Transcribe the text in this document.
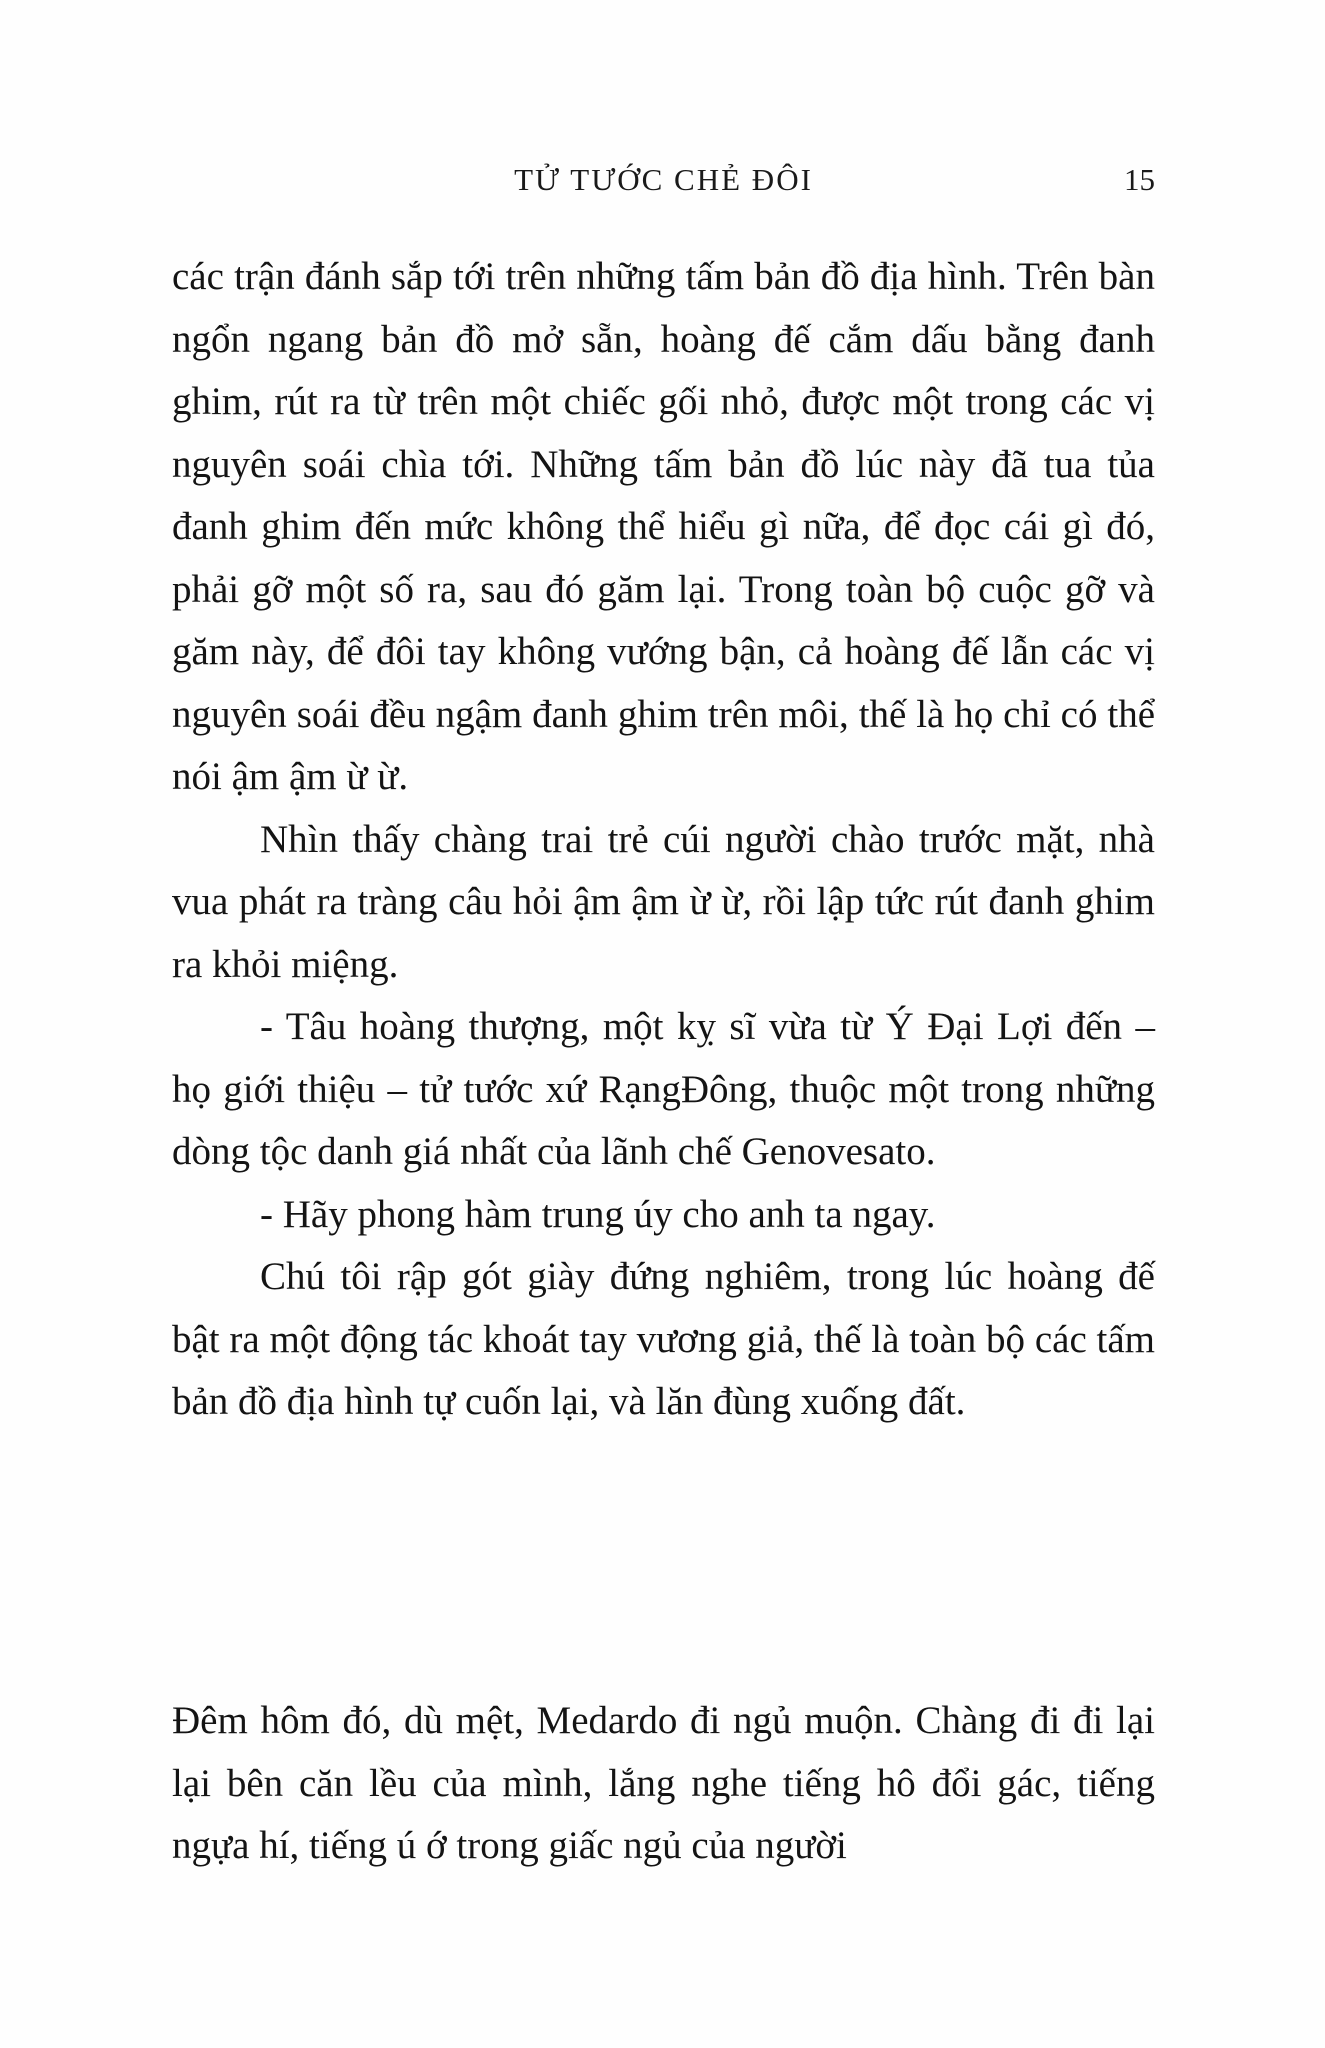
TỬ TƯỚC CHẺ ĐÔI	15

các trận đánh sắp tới trên những tấm bản đồ địa hình. Trên bàn ngổn ngang bản đồ mở sẵn, hoàng đế cắm dấu bằng đanh ghim, rút ra từ trên một chiếc gối nhỏ, được một trong các vị nguyên soái chìa tới. Những tấm bản đồ lúc này đã tua tủa đanh ghim đến mức không thể hiểu gì nữa, để đọc cái gì đó, phải gỡ một số ra, sau đó găm lại. Trong toàn bộ cuộc gỡ và găm này, để đôi tay không vướng bận, cả hoàng đế lẫn các vị nguyên soái đều ngậm đanh ghim trên môi, thế là họ chỉ có thể nói ậm ậm ừ ừ.

Nhìn thấy chàng trai trẻ cúi người chào trước mặt, nhà vua phát ra tràng câu hỏi ậm ậm ừ ừ, rồi lập tức rút đanh ghim ra khỏi miệng.

- Tâu hoàng thượng, một kỵ sĩ vừa từ Ý Đại Lợi đến – họ giới thiệu – tử tước xứ RạngĐông, thuộc một trong những dòng tộc danh giá nhất của lãnh chế Genovesato.

- Hãy phong hàm trung úy cho anh ta ngay.

Chú tôi rập gót giày đứng nghiêm, trong lúc hoàng đế bật ra một động tác khoát tay vương giả, thế là toàn bộ các tấm bản đồ địa hình tự cuốn lại, và lăn đùng xuống đất.

Đêm hôm đó, dù mệt, Medardo đi ngủ muộn. Chàng đi đi lại lại bên căn lều của mình, lắng nghe tiếng hô đổi gác, tiếng ngựa hí, tiếng ú ớ trong giấc ngủ của người
